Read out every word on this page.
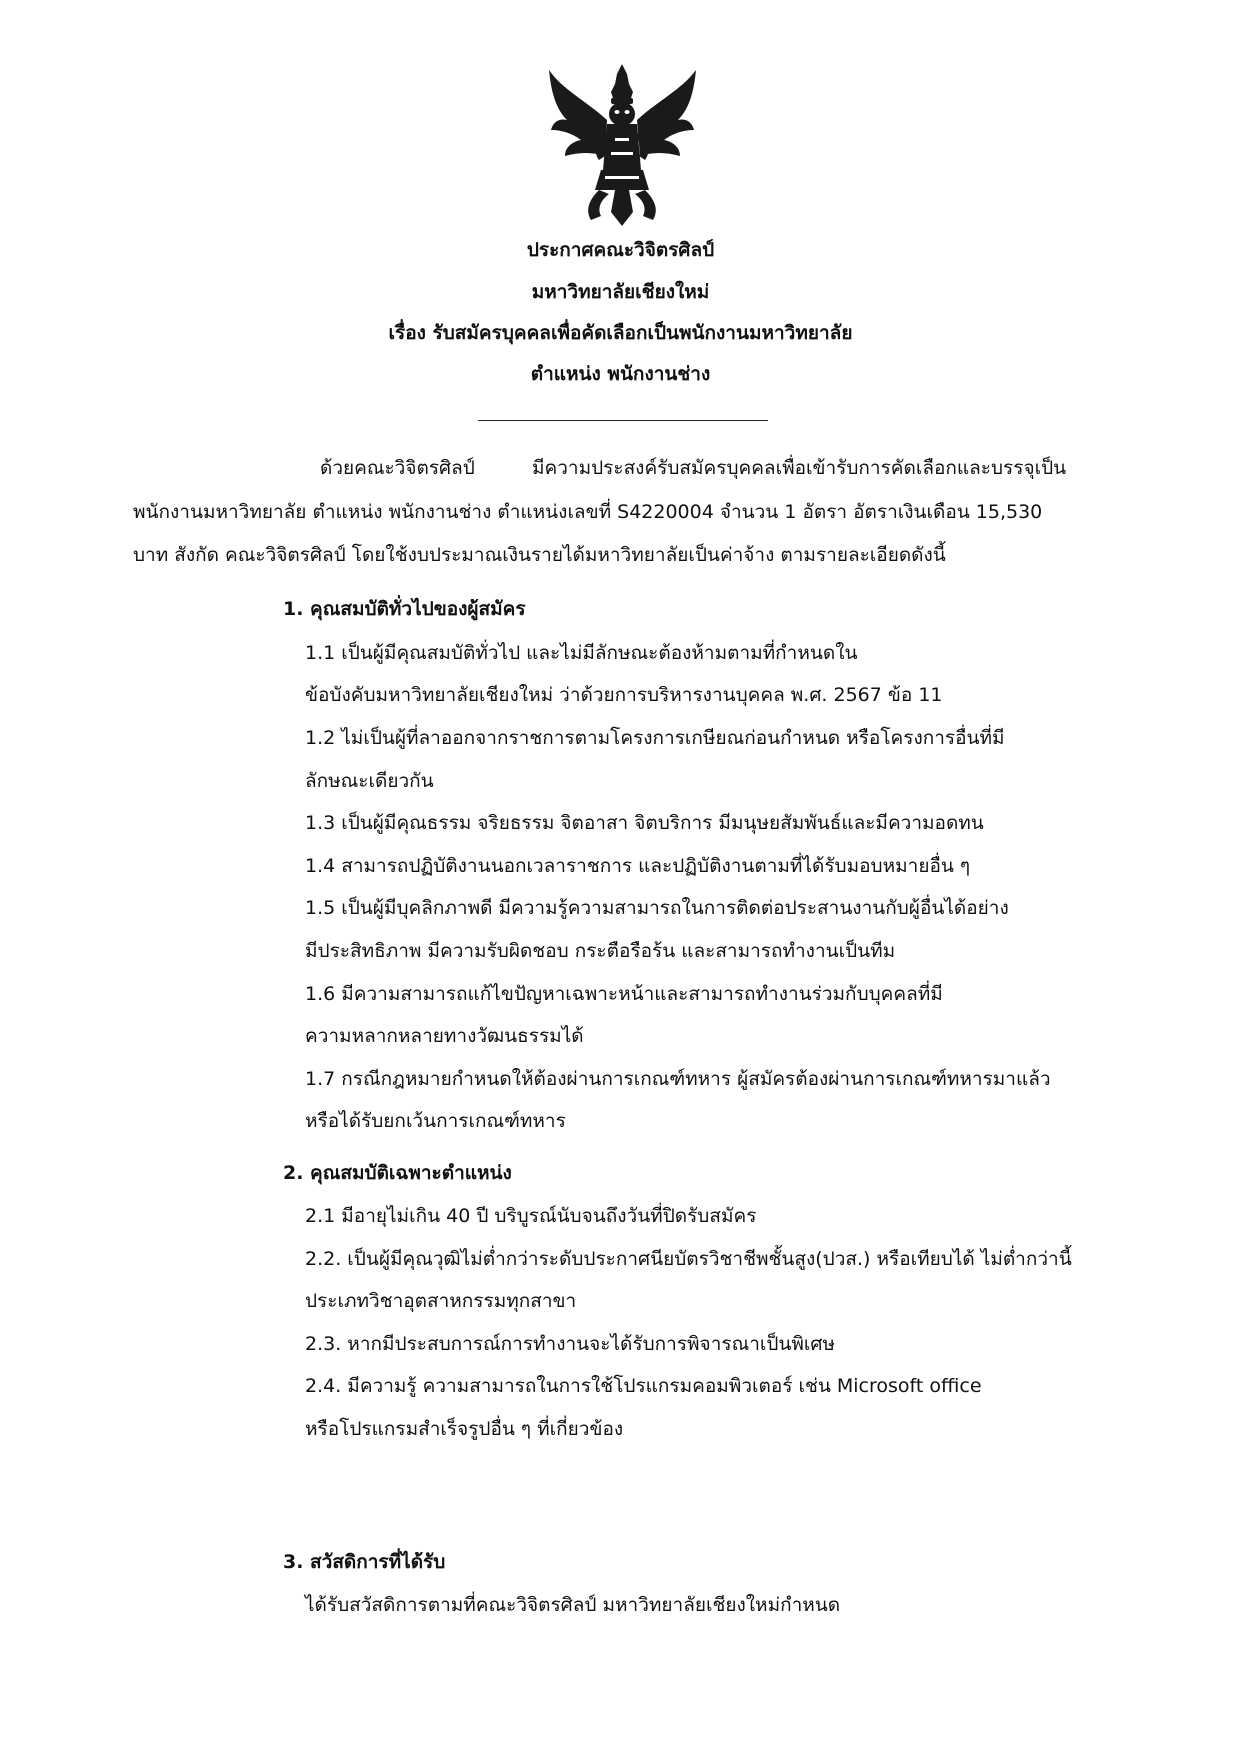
ประกาศคณะวิจิตรศิลป์
มหาวิทยาลัยเชียงใหม่
เรื่อง รับสมัครบุคคลเพื่อคัดเลือกเป็นพนักงานมหาวิทยาลัย
ตำแหน่ง พนักงานช่าง
ด้วยคณะวิจิตรศิลป์	มีความประสงค์รับสมัครบุคคลเพื่อเข้ารับการคัดเลือกและบรรจุเป็น
พนักงานมหาวิทยาลัย ตำแหน่ง พนักงานช่าง ตำแหน่งเลขที่ S4220004 จำนวน 1 อัตรา อัตราเงินเดือน 15,530
บาท สังกัด คณะวิจิตรศิลป์ โดยใช้งบประมาณเงินรายได้มหาวิทยาลัยเป็นค่าจ้าง ตามรายละเอียดดังนี้
1. คุณสมบัติทั่วไปของผู้สมัคร
1.1 เป็นผู้มีคุณสมบัติทั่วไป และไม่มีลักษณะต้องห้ามตามที่กำหนดใน
ข้อบังคับมหาวิทยาลัยเชียงใหม่ ว่าด้วยการบริหารงานบุคคล พ.ศ. 2567 ข้อ 11
1.2 ไม่เป็นผู้ที่ลาออกจากราชการตามโครงการเกษียณก่อนกำหนด หรือโครงการอื่นที่มี
ลักษณะเดียวกัน
1.3 เป็นผู้มีคุณธรรม จริยธรรม จิตอาสา จิตบริการ มีมนุษยสัมพันธ์และมีความอดทน
1.4 สามารถปฏิบัติงานนอกเวลาราชการ และปฏิบัติงานตามที่ได้รับมอบหมายอื่น ๆ
1.5 เป็นผู้มีบุคลิกภาพดี มีความรู้ความสามารถในการติดต่อประสานงานกับผู้อื่นได้อย่าง
มีประสิทธิภาพ มีความรับผิดชอบ กระตือรือร้น และสามารถทำงานเป็นทีม
1.6 มีความสามารถแก้ไขปัญหาเฉพาะหน้าและสามารถทำงานร่วมกับบุคคลที่มี
ความหลากหลายทางวัฒนธรรมได้
1.7 กรณีกฎหมายกำหนดให้ต้องผ่านการเกณฑ์ทหาร ผู้สมัครต้องผ่านการเกณฑ์ทหารมาแล้ว
หรือได้รับยกเว้นการเกณฑ์ทหาร
2. คุณสมบัติเฉพาะตำแหน่ง
2.1 มีอายุไม่เกิน 40 ปี บริบูรณ์นับจนถึงวันที่ปิดรับสมัคร
2.2. เป็นผู้มีคุณวุฒิไม่ต่ำกว่าระดับประกาศนียบัตรวิชาชีพชั้นสูง(ปวส.) หรือเทียบได้ ไม่ต่ำกว่านี้
ประเภทวิชาอุตสาหกรรมทุกสาขา
2.3. หากมีประสบการณ์การทำงานจะได้รับการพิจารณาเป็นพิเศษ
2.4. มีความรู้ ความสามารถในการใช้โปรแกรมคอมพิวเตอร์ เช่น Microsoft office
หรือโปรแกรมสำเร็จรูปอื่น ๆ ที่เกี่ยวข้อง
3. สวัสดิการที่ได้รับ
ได้รับสวัสดิการตามที่คณะวิจิตรศิลป์ มหาวิทยาลัยเชียงใหม่กำหนด
